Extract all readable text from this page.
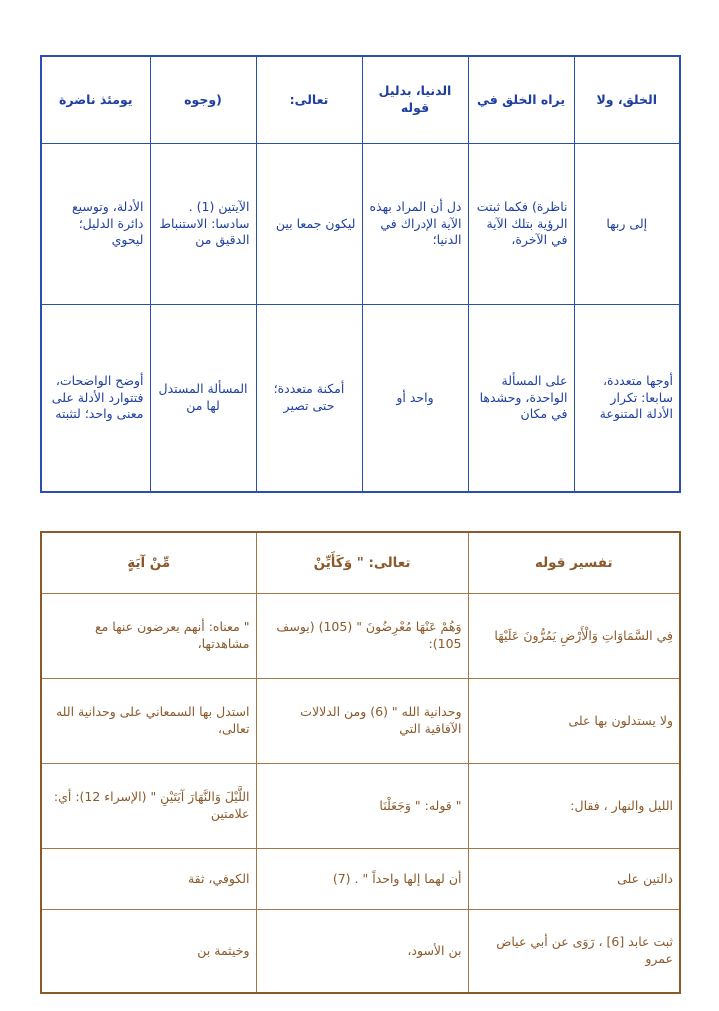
الخلق، ولا	يراه الخلق في	الدنيا، بدليل قوله	تعالى:	(وجوه	يومئذ ناضرة
إلى ربها	ناظرة) فكما ثبتت الرؤية بتلك الآية في الآخرة،	دل أن المراد بهذه الآية الإدراك في الدنيا؛	ليكون جمعا بين	الآيتين (1) . سادسا: الاستنباط الدقيق من	الأدلة، وتوسيع دائرة الدليل؛ ليحوي
أوجها متعددة، سابعا: تكرار الأدلة المتنوعة	على المسألة الواحدة، وحشدها في مكان	واحد أو	أمكنة متعددة؛ حتى تصير	المسألة المستدل لها من	أوضح الواضحات، فتتوارد الأدلة على معنى واحد؛ لتثبته
تفسير قوله	تعالى: " وَكَأَيِّنْ	مِّنْ آيَةٍ
فِي السَّمَاوَاتِ وَالْأَرْضِ يَمُرُّونَ عَلَيْهَا	وَهُمْ عَنْهَا مُعْرِضُونَ " (105) (يوسف 105):	" معناه: أنهم يعرضون عنها مع مشاهدتها،
ولا يستدلون بها على	وحدانية الله " (6) ومن الدلالات الآفاقية التي	استدل بها السمعاني على وحدانية الله تعالى،
الليل والنهار ، فقال:	" قوله: " وَجَعَلْنَا	اللَّيْلَ وَالنَّهَارَ آيَتَيْنِ " (الإسراء 12): أي: علامتين
دالتين على	أن لهما إلها واحداً " . (7)	الكوفي، ثقة
ثبت عابد [6] ، رَوَى عن أبي عياض عمرو	بن الأسود،	وخيثمة بن
